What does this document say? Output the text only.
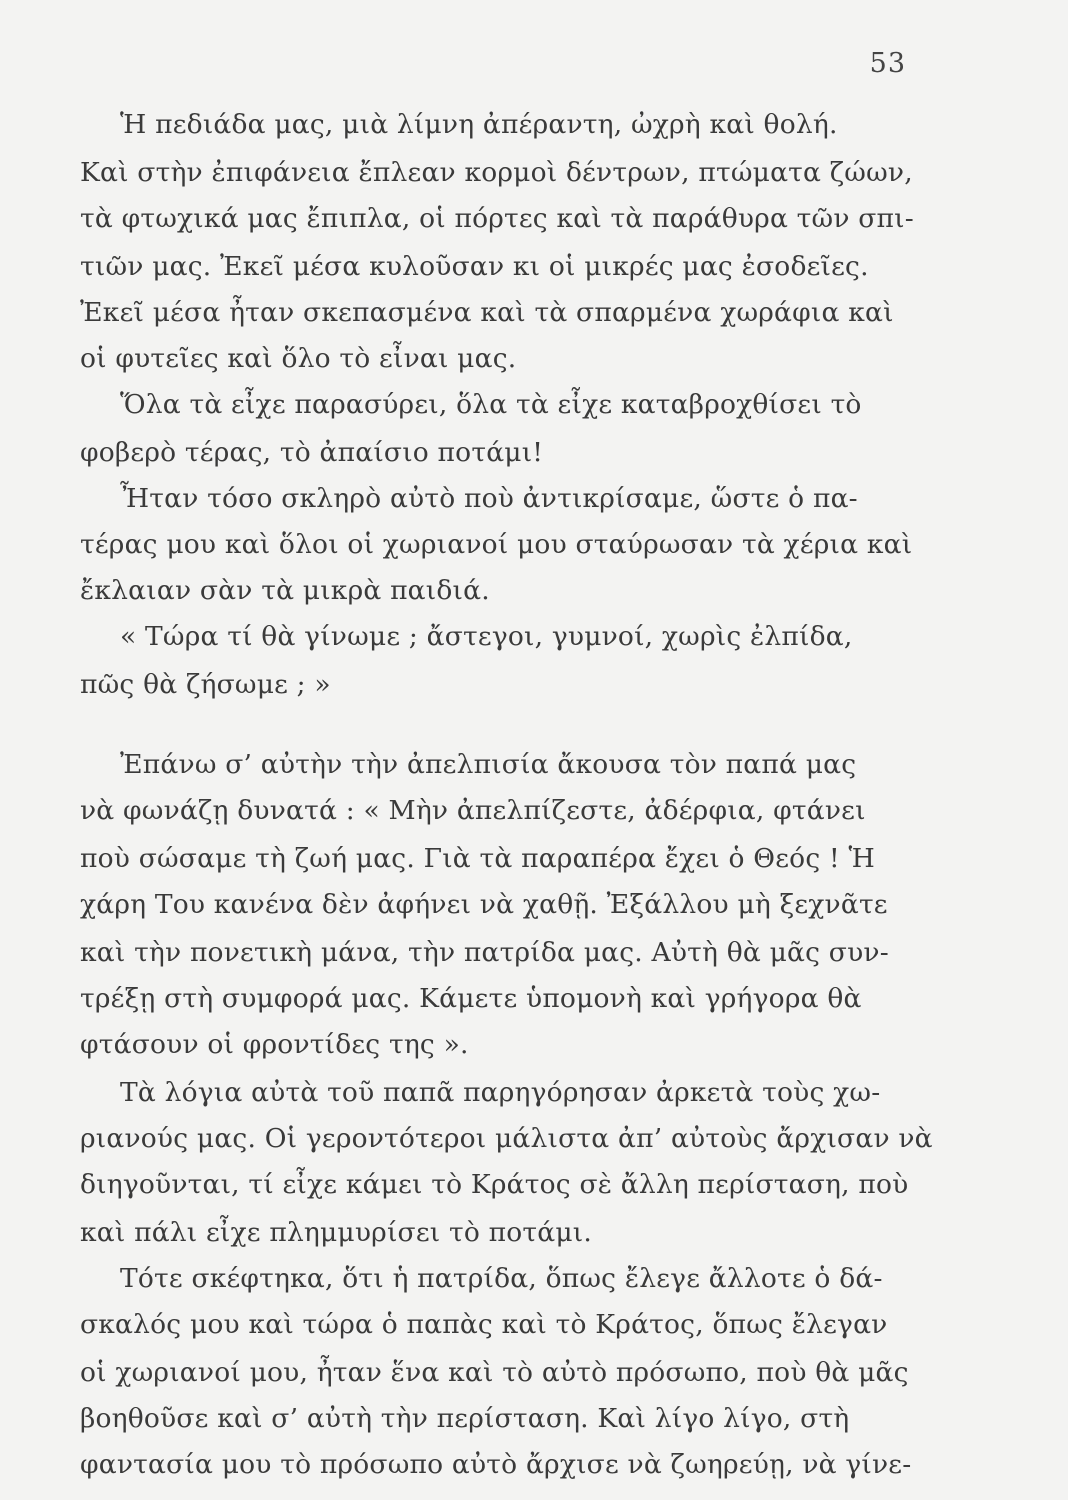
53
Ἡ πεδιάδα μας, μιὰ λίμνη ἀπέραντη, ὠχρὴ καὶ θολή.
Καὶ στὴν ἐπιφάνεια ἔπλεαν κορμοὶ δέντρων, πτώματα ζώων,
τὰ φτωχικά μας ἔπιπλα, οἱ πόρτες καὶ τὰ παράθυρα τῶν σπι-
τιῶν μας. Ἐκεῖ μέσα κυλοῦσαν κι οἱ μικρές μας ἐσοδεῖες.
Ἐκεῖ μέσα ἦταν σκεπασμένα καὶ τὰ σπαρμένα χωράφια καὶ
οἱ φυτεῖες καὶ ὅλο τὸ εἶναι μας.
Ὅλα τὰ εἶχε παρασύρει, ὅλα τὰ εἶχε καταβροχθίσει τὸ
φοβερὸ τέρας, τὸ ἀπαίσιο ποτάμι!
Ἦταν τόσο σκληρὸ αὐτὸ ποὺ ἀντικρίσαμε, ὥστε ὁ πα-
τέρας μου καὶ ὅλοι οἱ χωριανοί μου σταύρωσαν τὰ χέρια καὶ
ἔκλαιαν σὰν τὰ μικρὰ παιδιά.
« Τώρα τί θὰ γίνωμε ; ἄστεγοι, γυμνοί, χωρὶς ἐλπίδα,
πῶς θὰ ζήσωμε ; »
Ἐπάνω σ’ αὐτὴν τὴν ἀπελπισία ἄκουσα τὸν παπά μας
νὰ φωνάζῃ δυνατά : « Μὴν ἀπελπίζεστε, ἀδέρφια, φτάνει
ποὺ σώσαμε τὴ ζωή μας. Γιὰ τὰ παραπέρα ἔχει ὁ Θεός ! Ἡ
χάρη Του κανένα δὲν ἀφήνει νὰ χαθῇ. Ἐξάλλου μὴ ξεχνᾶτε
καὶ τὴν πονετικὴ μάνα, τὴν πατρίδα μας. Αὐτὴ θὰ μᾶς συν-
τρέξῃ στὴ συμφορά μας. Κάμετε ὑπομονὴ καὶ γρήγορα θὰ
φτάσουν οἱ φροντίδες της ».
Τὰ λόγια αὐτὰ τοῦ παπᾶ παρηγόρησαν ἀρκετὰ τοὺς χω-
ριανούς μας. Οἱ γεροντότεροι μάλιστα ἀπ’ αὐτοὺς ἄρχισαν νὰ
διηγοῦνται, τί εἶχε κάμει τὸ Κράτος σὲ ἄλλη περίσταση, ποὺ
καὶ πάλι εἶχε πλημμυρίσει τὸ ποτάμι.
Τότε σκέφτηκα, ὅτι ἡ πατρίδα, ὅπως ἔλεγε ἄλλοτε ὁ δά-
σκαλός μου καὶ τώρα ὁ παπὰς καὶ τὸ Κράτος, ὅπως ἔλεγαν
οἱ χωριανοί μου, ἦταν ἕνα καὶ τὸ αὐτὸ πρόσωπο, ποὺ θὰ μᾶς
βοηθοῦσε καὶ σ’ αὐτὴ τὴν περίσταση. Καὶ λίγο λίγο, στὴ
φαντασία μου τὸ πρόσωπο αὐτὸ ἄρχισε νὰ ζωηρεύῃ, νὰ γίνε-
